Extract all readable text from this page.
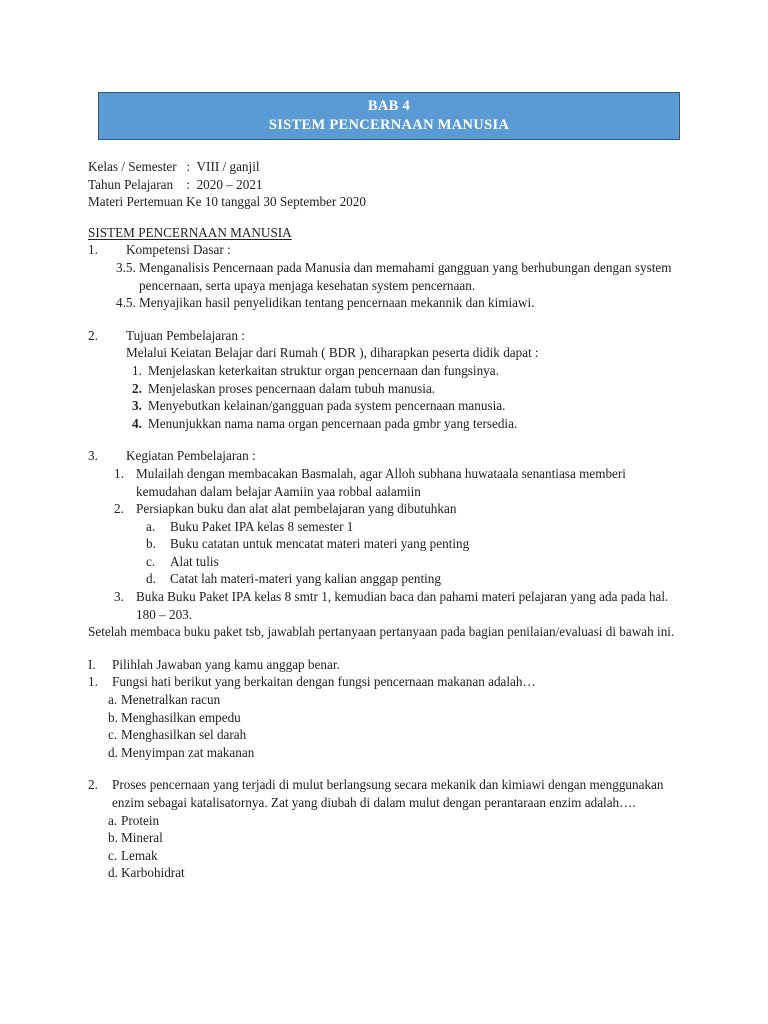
BAB 4
SISTEM PENCERNAAN MANUSIA
Kelas / Semester   :  VIII / ganjil
Tahun Pelajaran    :  2020 – 2021
Materi Pertemuan Ke 10 tanggal 30 September 2020
SISTEM PENCERNAAN MANUSIA
1.	Kompetensi Dasar :
3.5. Menganalisis Pencernaan pada Manusia dan memahami gangguan yang berhubungan dengan system pencernaan, serta upaya menjaga kesehatan system pencernaan.
4.5. Menyajikan hasil penyelidikan tentang pencernaan mekannik dan kimiawi.
2.	Tujuan Pembelajaran :
Melalui Keiatan Belajar dari Rumah ( BDR ), diharapkan peserta didik dapat :
1. Menjelaskan keterkaitan struktur organ pencernaan dan fungsinya.
2. Menjelaskan proses pencernaan dalam tubuh manusia.
3. Menyebutkan kelainan/gangguan pada system pencernaan manusia.
4. Menunjukkan nama nama organ pencernaan pada gmbr yang tersedia.
3.	Kegiatan Pembelajaran :
1. Mulailah dengan membacakan Basmalah, agar Alloh subhana huwataala senantiasa memberi kemudahan dalam belajar Aamiin yaa robbal aalamiin
2. Persiapkan buku dan alat alat pembelajaran yang dibutuhkan
a.	Buku Paket IPA kelas 8 semester 1
b.	Buku catatan untuk mencatat materi materi yang penting
c.	Alat tulis
d.	Catat lah materi-materi yang kalian anggap penting
3. Buka Buku Paket IPA kelas 8 smtr 1, kemudian baca dan pahami materi pelajaran yang ada pada hal. 180 – 203.
Setelah membaca buku paket tsb, jawablah pertanyaan pertanyaan pada bagian penilaian/evaluasi di bawah ini.
I.	Pilihlah Jawaban yang kamu anggap benar.
1.	Fungsi hati berikut yang berkaitan dengan fungsi pencernaan makanan adalah…
a. Menetralkan racun
b. Menghasilkan empedu
c. Menghasilkan sel darah
d. Menyimpan zat makanan
2.	Proses pencernaan yang terjadi di mulut berlangsung secara mekanik dan kimiawi dengan menggunakan enzim sebagai katalisatornya. Zat yang diubah di dalam mulut dengan perantaraan enzim adalah….
a. Protein
b. Mineral
c. Lemak
d. Karbohidrat
